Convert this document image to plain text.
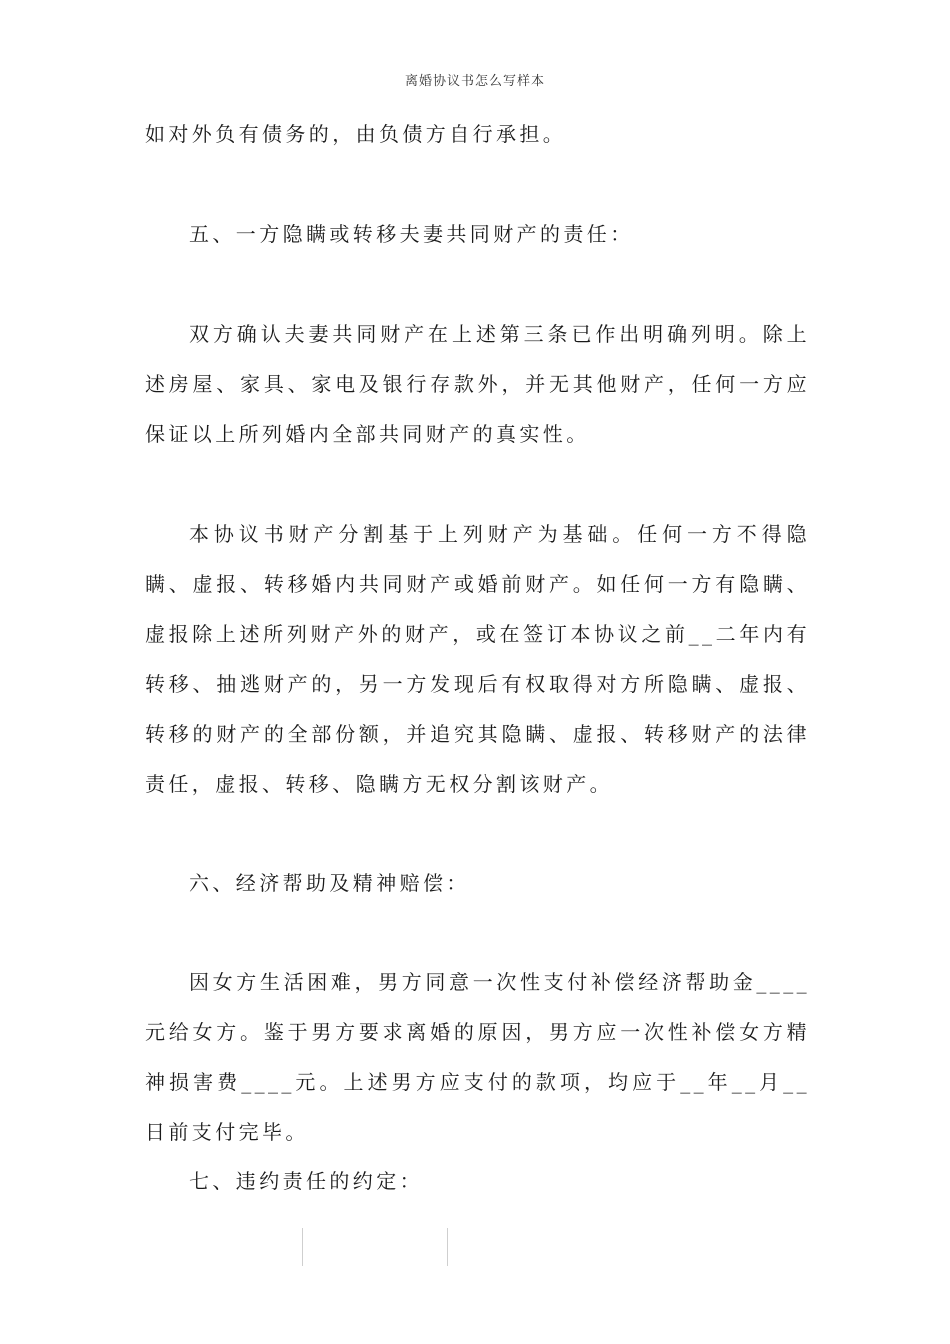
离婚协议书怎么写样本

如对外负有债务的，由负债方自行承担。

五、一方隐瞒或转移夫妻共同财产的责任：

双方确认夫妻共同财产在上述第三条已作出明确列明。除上述房屋、家具、家电及银行存款外，并无其他财产，任何一方应保证以上所列婚内全部共同财产的真实性。

本协议书财产分割基于上列财产为基础。任何一方不得隐瞒、虚报、转移婚内共同财产或婚前财产。如任何一方有隐瞒、虚报除上述所列财产外的财产，或在签订本协议之前__二年内有转移、抽逃财产的，另一方发现后有权取得对方所隐瞒、虚报、转移的财产的全部份额，并追究其隐瞒、虚报、转移财产的法律责任，虚报、转移、隐瞒方无权分割该财产。

六、经济帮助及精神赔偿：

因女方生活困难，男方同意一次性支付补偿经济帮助金____元给女方。鉴于男方要求离婚的原因，男方应一次性补偿女方精神损害费____元。上述男方应支付的款项，均应于__年__月__日前支付完毕。

七、违约责任的约定：
